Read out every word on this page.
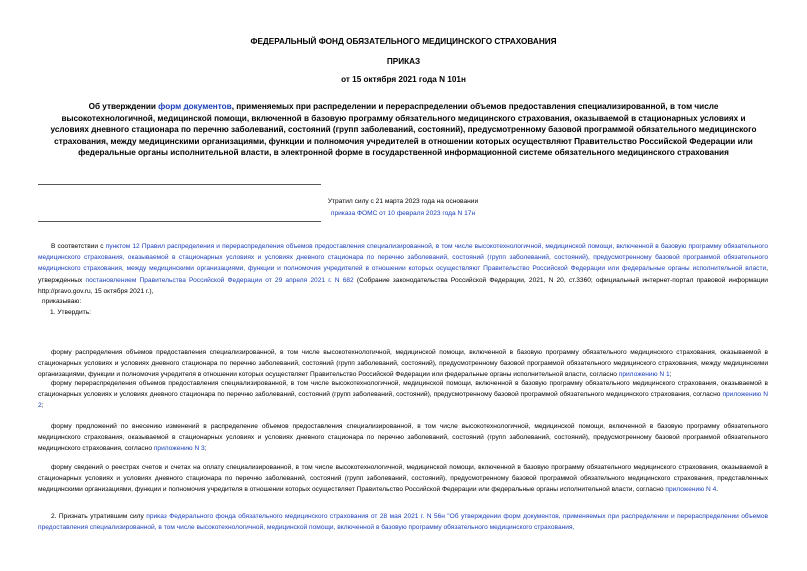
ФЕДЕРАЛЬНЫЙ ФОНД ОБЯЗАТЕЛЬНОГО МЕДИЦИНСКОГО СТРАХОВАНИЯ
ПРИКАЗ
от 15 октября 2021 года N 101н
Об утверждении форм документов, применяемых при распределении и перераспределении объемов предоставления специализированной, в том числе высокотехнологичной, медицинской помощи, включенной в базовую программу обязательного медицинского страхования, оказываемой в стационарных условиях и условиях дневного стационара по перечню заболеваний, состояний (групп заболеваний, состояний), предусмотренному базовой программой обязательного медицинского страхования, между медицинскими организациями, функции и полномочия учредителей в отношении которых осуществляют Правительство Российской Федерации или федеральные органы исполнительной власти, в электронной форме в государственной информационной системе обязательного медицинского страхования
Утратил силу с 21 марта 2023 года на основании
приказа ФОМС от 10 февраля 2023 года N 17н
В соответствии с пунктом 12 Правил распределения и перераспределения объемов предоставления специализированной, в том числе высокотехнологичной, медицинской помощи, включенной в базовую программу обязательного медицинского страхования, оказываемой в стационарных условиях и условиях дневного стационара по перечню заболеваний, состояний (групп заболеваний, состояний), предусмотренному базовой программой обязательного медицинского страхования, между медицинскими организациями, функции и полномочия учредителей в отношении которых осуществляют Правительство Российской Федерации или федеральные органы исполнительной власти, утвержденных постановлением Правительства Российской Федерации от 29 апреля 2021 г. N 682 (Собрание законодательства Российской Федерации, 2021, N 20, ст.3360; официальный интернет-портал правовой информации http://pravo.gov.ru, 15 октября 2021 г.),
приказываю:
1. Утвердить:
форму распределения объемов предоставления специализированной, в том числе высокотехнологичной, медицинской помощи, включенной в базовую программу обязательного медицинского страхования, оказываемой в стационарных условиях и условиях дневного стационара по перечню заболеваний, состояний (групп заболеваний, состояний), предусмотренному базовой программой обязательного медицинского страхования, между медицинскими организациями, функции и полномочия учредителя в отношении которых осуществляет Правительство Российской Федерации или федеральные органы исполнительной власти, согласно приложению N 1;
форму перераспределения объемов предоставления специализированной, в том числе высокотехнологичной, медицинской помощи, включенной в базовую программу обязательного медицинского страхования, оказываемой в стационарных условиях и условиях дневного стационара по перечню заболеваний, состояний (групп заболеваний, состояний), предусмотренному базовой программой обязательного медицинского страхования, согласно приложению N 2;
форму предложений по внесению изменений в распределение объемов предоставления специализированной, в том числе высокотехнологичной, медицинской помощи, включенной в базовую программу обязательного медицинского страхования, оказываемой в стационарных условиях и условиях дневного стационара по перечню заболеваний, состояний (групп заболеваний, состояний), предусмотренному базовой программой обязательного медицинского страхования, согласно приложению N 3;
форму сведений о реестрах счетов и счетах на оплату специализированной, в том числе высокотехнологичной, медицинской помощи, включенной в базовую программу обязательного медицинского страхования, оказываемой в стационарных условиях и условиях дневного стационара по перечню заболеваний, состояний (групп заболеваний, состояний), предусмотренному базовой программой обязательного медицинского страхования, представленных медицинскими организациями, функции и полномочия учредителя в отношении которых осуществляет Правительство Российской Федерации или федеральные органы исполнительной власти, согласно приложению N 4.
2. Признать утратившим силу приказ Федерального фонда обязательного медицинского страхования от 28 мая 2021 г. N 56н "Об утверждении форм документов, применяемых при распределении и перераспределении объемов предоставления специализированной, в том числе высокотехнологичной, медицинской помощи, включенной в базовую программу обязательного медицинского страхования,
